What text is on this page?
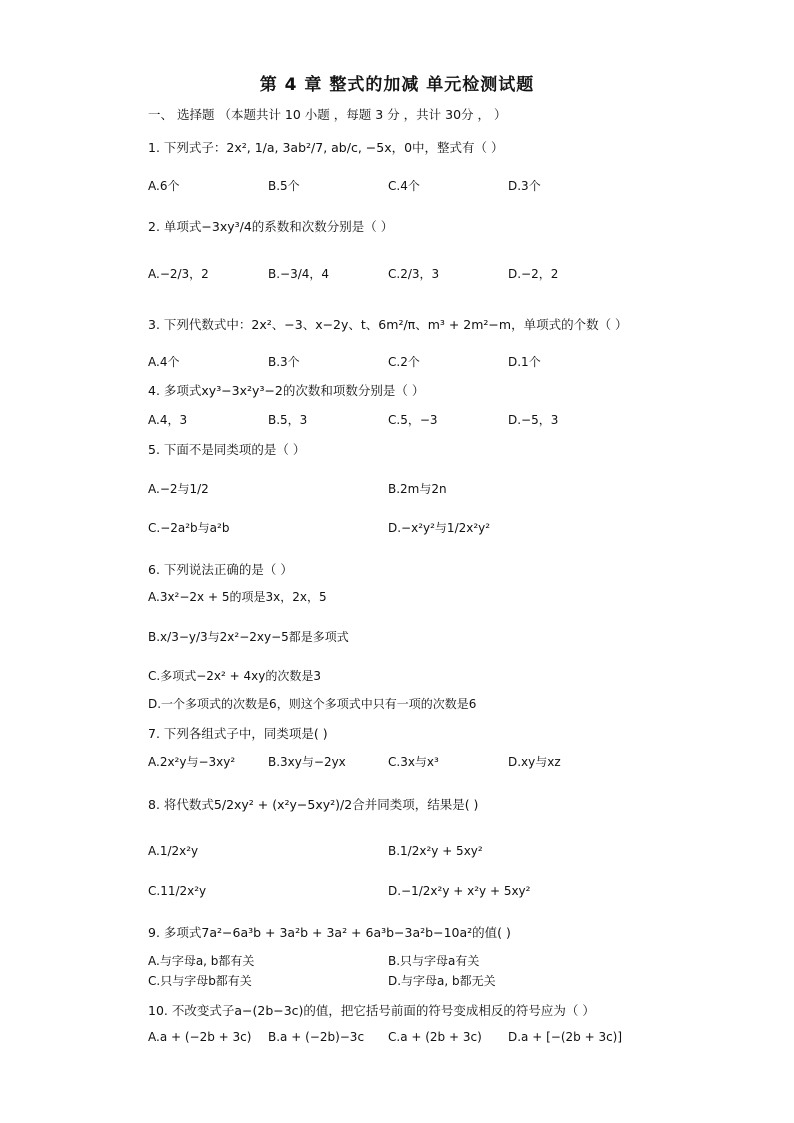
第 4 章 整式的加减 单元检测试题
一、 选择题 （本题共计 10 小题 ，每题 3 分 ，共计 30分 ， ）
1. 下列式子：2x², 1/a, 3ab²/7, ab/c, −5x，0中，整式有（ ）
A.6个	B.5个	C.4个	D.3个
2. 单项式−3xy³/4的系数和次数分别是（ ）
A.−2/3，2	B.−3/4，4	C.2/3，3	D.−2，2
3. 下列代数式中：2x²、−3、x−2y、t、6m²/π、m³ + 2m²−m，单项式的个数（ ）
A.4个	B.3个	C.2个	D.1个
4. 多项式xy³−3x²y³−2的次数和项数分别是（ ）
A.4，3	B.5，3	C.5，−3	D.−5，3
5. 下面不是同类项的是（ ）
A.−2与1/2	B.2m与2n
C.−2a²b与a²b	D.−x²y²与1/2x²y²
6. 下列说法正确的是（ ）
A.3x²−2x + 5的项是3x，2x，5
B.x/3−y/3与2x²−2xy−5都是多项式
C.多项式−2x² + 4xy的次数是3
D.一个多项式的次数是6，则这个多项式中只有一项的次数是6
7. 下列各组式子中，同类项是( )
A.2x²y与−3xy²	B.3xy与−2yx	C.3x与x³	D.xy与xz
8. 将代数式5/2xy² + (x²y−5xy²)/2合并同类项，结果是( )
A.1/2x²y	B.1/2x²y + 5xy²
C.11/2x²y	D.−1/2x²y + x²y + 5xy²
9. 多项式7a²−6a³b + 3a²b + 3a² + 6a³b−3a²b−10a²的值( )
A.与字母a, b都有关	B.只与字母a有关
C.只与字母b都有关	D.与字母a, b都无关
10. 不改变式子a−(2b−3c)的值，把它括号前面的符号变成相反的符号应为（ ）
A.a + (−2b + 3c) B.a + (−2b)−3c C.a + (2b + 3c) D.a + [−(2b + 3c)]
